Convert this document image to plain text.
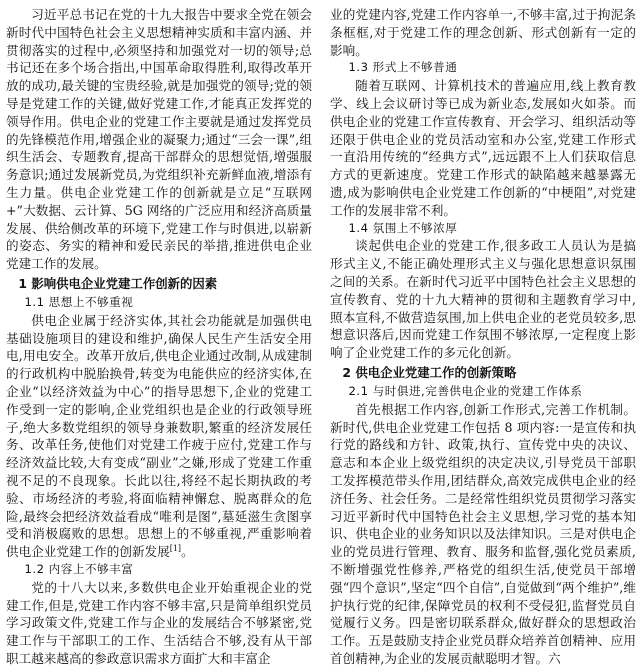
习近平总书记在党的十九大报告中要求全党在领会新时代中国特色社会主义思想精神实质和丰富内涵、并贯彻落实的过程中,必须坚持和加强党对一切的领导;总书记还在多个场合指出,中国革命取得胜利,取得改革开放的成功,最关键的宝贵经验,就是加强党的领导;党的领导是党建工作的关键,做好党建工作,才能真正发挥党的领导作用。供电企业的党建工作主要就是通过发挥党员的先锋模范作用,增强企业的凝聚力;通过“三会一课”,组织生活会、专题教育,提高干部群众的思想觉悟,增强服务意识;通过发展新党员,为党组织补充新鲜血液,增添有生力量。供电企业党建工作的创新就是立足“互联网+”大数据、云计算、5G 网络的广泛应用和经济高质量发展、供给侧改革的环境下,党建工作与时俱进,以崭新的姿态、务实的精神和爱民亲民的举措,推进供电企业党建工作的发展。

1 影响供电企业党建工作创新的因素
1.1 思想上不够重视

供电企业属于经济实体,其社会功能就是加强供电基础设施项目的建设和维护,确保人民生产生活安全用电,用电安全。改革开放后,供电企业通过改制,从成建制的行政机构中脱胎换骨,转变为电能供应的经济实体,在企业“以经济效益为中心”的指导思想下,企业的党建工作受到一定的影响,企业党组织也是企业的行政领导班子,绝大多数党组织的领导身兼数职,繁重的经济发展任务、改革任务,使他们对党建工作疲于应付,党建工作与经济效益比较,大有变成“副业”之嫌,形成了党建工作重视不足的不良现象。长此以往,将经不起长期执政的考验、市场经济的考验,将面临精神懈怠、脱离群众的危险,最终会把经济效益看成“唯利是图”,墓延滋生贪图享受和消极腐败的思想。思想上的不够重视,严重影响着供电企业党建工作的创新发展[1]。

1.2 内容上不够丰富

党的十八大以来,多数供电企业开始重视企业的党建工作,但是,党建工作内容不够丰富,只是简单组织党员学习政策文件,党建工作与企业的发展结合不够紧密,党建工作与干部职工的工作、生活结合不够,没有从干部职工越来越高的参政意识需求方面扩大和丰富企

业的党建内容,党建工作内容单一,不够丰富,过于拘泥条条框框,对于党建工作的理念创新、形式创新有一定的影响。

1.3 形式上不够普通

随着互联网、计算机技术的普遍应用,线上教育教学、线上会议研讨等已成为新业态,发展如火如荼。而供电企业的党建工作宣传教育、开会学习、组织活动等还限于供电企业的党员活动室和办公室,党建工作形式一直沿用传统的“经典方式”,远远跟不上人们获取信息方式的更新速度。党建工作形式的缺陷越来越暴露无遗,成为影响供电企业党建工作创新的“中梗阻”,对党建工作的发展非常不利。

1.4 氛围上不够浓厚

谈起供电企业的党建工作,很多政工人员认为是搞形式主义,不能正确处理形式主义与强化思想意识氛围之间的关系。在新时代习近平中国特色社会主义思想的宣传教育、党的十九大精神的贯彻和主题教育学习中,照本宣科,不做营造氛围,加上供电企业的老党员较多,思想意识落后,因而党建工作氛围不够浓厚,一定程度上影响了企业党建工作的多元化创新。

2 供电企业党建工作的创新策略
2.1 与时俱进,完善供电企业的党建工作体系

首先根据工作内容,创新工作形式,完善工作机制。新时代,供电企业党建工作包括 8 项内容:一是宣传和执行党的路线和方针、政策,执行、宣传党中央的决议、意志和本企业上级党组织的决定决议,引导党员干部职工发挥模范带头作用,团结群众,高效完成供电企业的经济任务、社会任务。二是经常性组织党员贯彻学习落实习近平新时代中国特色社会主义思想,学习党的基本知识、供电企业的业务知识以及法律知识。三是对供电企业的党员进行管理、教育、服务和监督,强化党员素质,不断增强党性修养,严格党的组织生活,使党员干部增强“四个意识”,坚定“四个自信”,自觉做到“两个维护”,维护执行党的纪律,保障党员的权利不受侵犯,监督党员自觉履行义务。四是密切联系群众,做好群众的思想政治工作。五是鼓励支持企业党员群众培养首创精神、应用首创精神,为企业的发展贡献聪明才智。六
